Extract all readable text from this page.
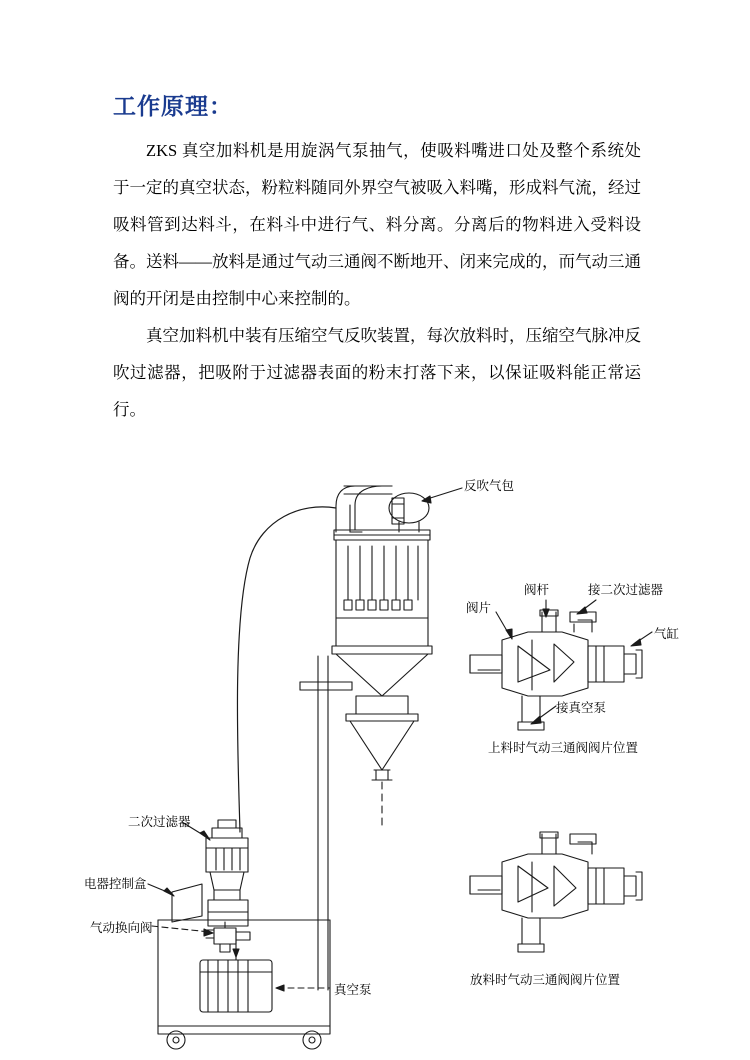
工作原理：

ZKS 真空加料机是用旋涡气泵抽气，使吸料嘴进口处及整个系统处于一定的真空状态，粉粒料随同外界空气被吸入料嘴，形成料气流，经过吸料管到达料斗，在料斗中进行气、料分离。分离后的物料进入受料设备。送料——放料是通过气动三通阀不断地开、闭来完成的，而气动三通阀的开闭是由控制中心来控制的。

真空加料机中装有压缩空气反吹装置，每次放料时，压缩空气脉冲反吹过滤器，把吸附于过滤器表面的粉末打落下来，以保证吸料能正常运行。

反吹气包
阀片
阀杆	接二次过滤器
气缸
接真空泵
上料时气动三通阀阀片位置
放料时气动三通阀阀片位置
二次过滤器
电器控制盒
气动换向阀
真空泵
